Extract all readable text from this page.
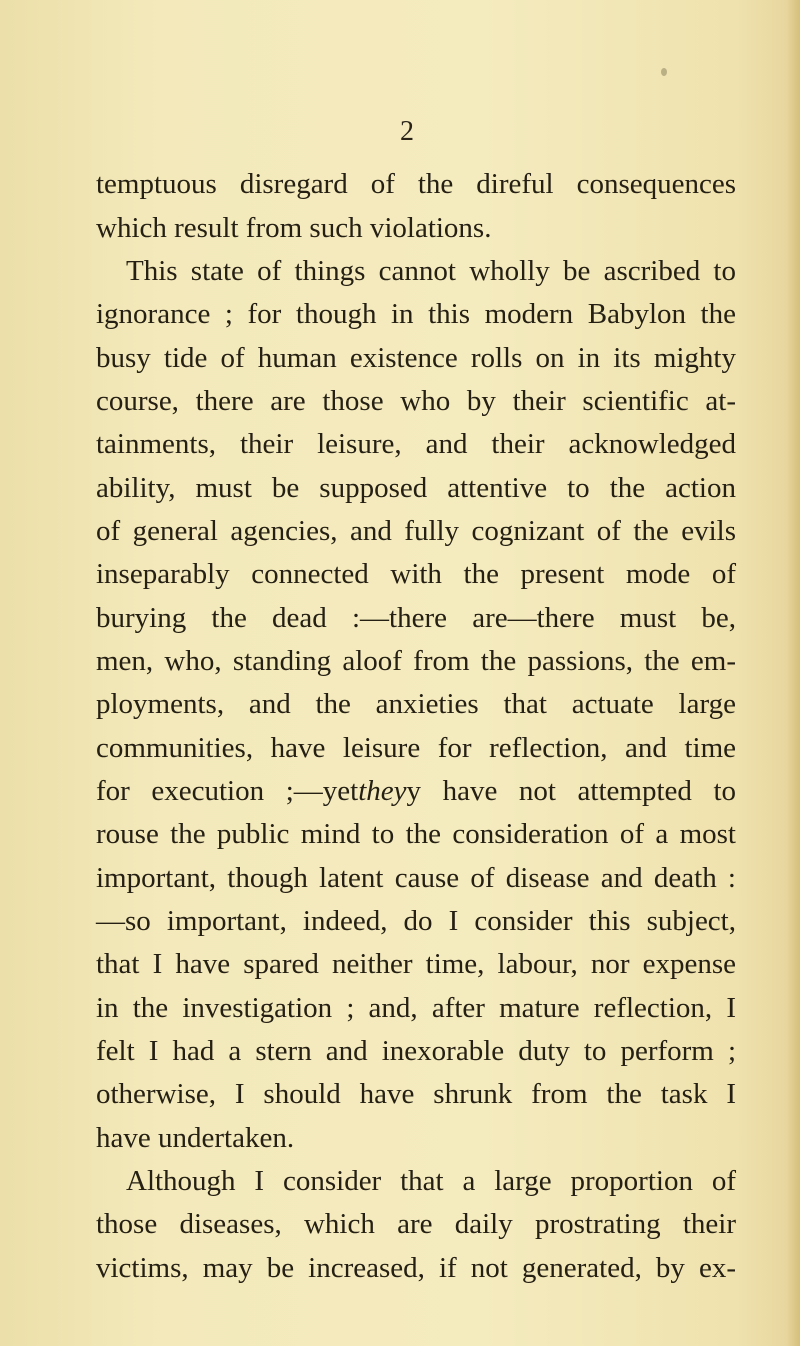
2
temptuous disregard of the direful consequences
which result from such violations.
This state of things cannot wholly be ascribed to
ignorance ; for though in this modern Babylon the
busy tide of human existence rolls on in its mighty
course, there are those who by their scientific at-
tainments, their leisure, and their acknowledged
ability, must be supposed attentive to the action
of general agencies, and fully cognizant of the evils
inseparably connected with the present mode of
burying the dead :—there are—there must be,
men, who, standing aloof from the passions, the em-
ployments, and the anxieties that actuate large
communities, have leisure for reflection, and time
for execution ;—yettheyy have not attempted to
rouse the public mind to the consideration of a most
important, though latent cause of disease and death :
—so important, indeed, do I consider this subject,
that I have spared neither time, labour, nor expense
in the investigation ; and, after mature reflection, I
felt I had a stern and inexorable duty to perform ;
otherwise, I should have shrunk from the task I
have undertaken.
Although I consider that a large proportion of
those diseases, which are daily prostrating their
victims, may be increased, if not generated, by ex-
